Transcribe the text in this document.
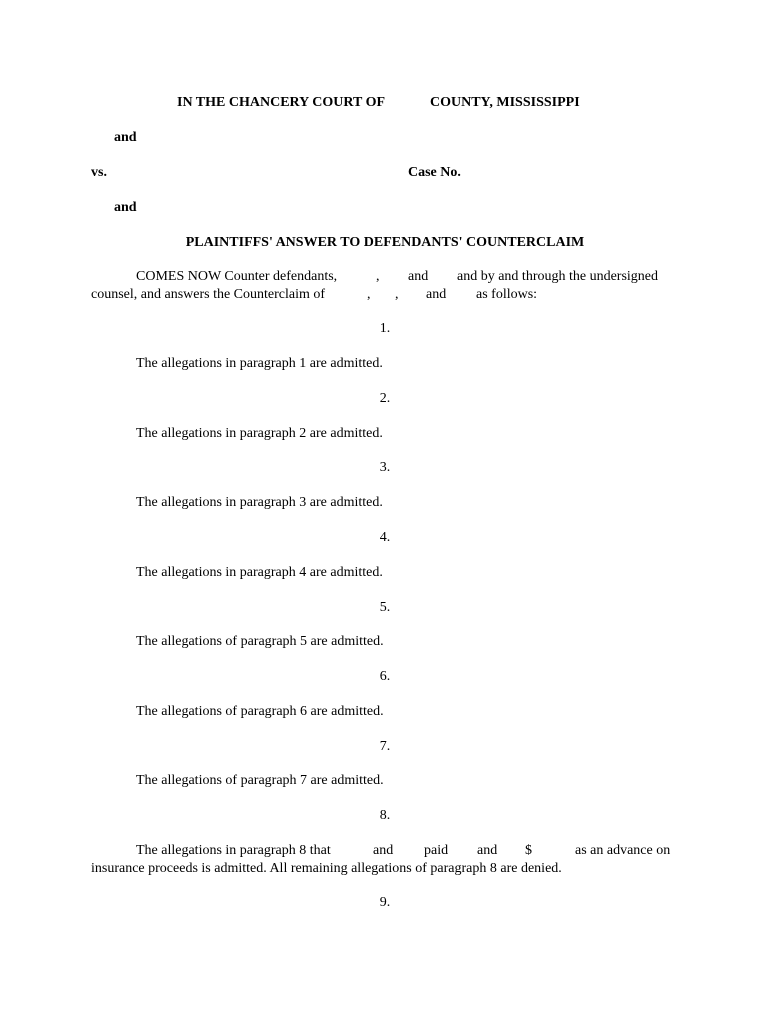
IN THE CHANCERY COURT OF	COUNTY, MISSISSIPPI
and
vs.	Case No.
and
PLAINTIFFS' ANSWER TO DEFENDANTS' COUNTERCLAIM
COMES NOW Counter defendants,	, and and by and through the undersigned
counsel, and answers the Counterclaim of	, , and as follows:
1.
The allegations in paragraph 1 are admitted.
2.
The allegations in paragraph 2 are admitted.
3.
The allegations in paragraph 3 are admitted.
4.
The allegations in paragraph 4 are admitted.
5.
The allegations of paragraph 5 are admitted.
6.
The allegations of paragraph 6 are admitted.
7.
The allegations of paragraph 7 are admitted.
8.
The allegations in paragraph 8 that	and paid and $	as an advance on
insurance proceeds is admitted. All remaining allegations of paragraph 8 are denied.
9.
